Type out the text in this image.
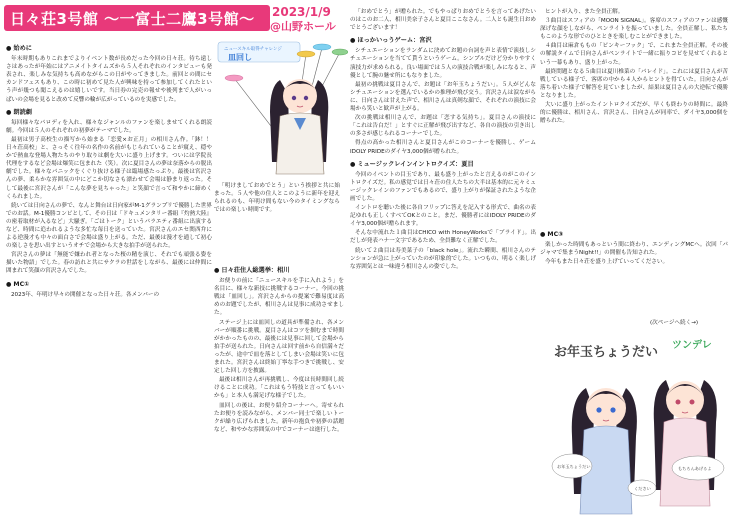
日々荘3号館 ～一富士二鷹3号館～ 2023/1/9
@山野ホール
● 始めに

年末時期もありこれまでよりイベント数が長めだった今回の日々荘。待ち遠しさはあったが年始にはアニメイトタイムズから５人それぞれのインタビューも発表され、楽しみな気持ちも高めながらこの日がやってきました。前回との間にセカンドフェスもあり、この時に初めて見た人が興味を持って参加してくれたという声が幾つも聞こえるのは嬉しいです。当日券の完売の報せや後列まで人がいっぱいの会場を見ると改めて反響の輪が広がっているのを実感でした。

● 朗読劇

毎回様々なパロディを入れ、様々なジャンルのファンを楽しませてくれる朗読劇。今回は５人のそれぞれの初夢がテーマでした。

最初は男子高校生の描写から始まる「恋愛×お正月」の相川さん作。「鉢！！日々荘高校」と、さっそく往年の名作の名前がもじられていることが窺え、穏やかで熱血な登場人物たちのやり取りは劇を大いに盛り上げます。ついには学院長代理をするなど会場は爆笑に包まれた（笑）。次に夏目さんの夢は奈落からの脱出劇でした。様々なパニックをくぐり抜ける様子は臨場感たっぷり。最後は宮沢さんの夢、柔らかな雰囲気の中にどこか切なさも漂わせて会場は静まり返った。そして最後に宮沢さんが「こんな夢を見ちゃった」と笑顔で言って和やかに締めくくられました。

続いては日向さんの夢で、なんと舞台は日向家がM-1グランプリで優勝した世界でのお話。M-1優勝コンビとして、その日は「ドキュメンタリー番組『灼熱大陸』の密着取材が入るなど」大騒ぎ。「ごはトーク」というパラエティ番組に出演するなど、時間に追われるような多忙な毎日を送っていた。宮沢さんのエセ関西弁による逆漫才も中々の面白さで会場は盛り上がる。ただ、最後は漫才を通して初心の楽しさを思い出すというオチで会場から大きな拍手が送られた。

宮沢さんの夢は「無能で嫌われ者となった桜の精を演じ、それでも頑張る姿を描いた物語」でした。春の訪れと共にサクラの世話をしながら、最後には仲間に囲まれて笑顔の宮沢さんでした。

● MC①

2023年、年明け早々の開催となった日々荘。各メンバーの

ニュースキル取得チャレンジ
皿回し

「明けましておめでとう」という挨拶と共に始まった。５人や他の住人とこのように新年を迎えられるのも、年明け間もない今のタイミングならではの楽しい時間です。

● 日々荘住人総選挙：相川

お便りの前に「ニュースキルを手に入れよう」を名目に、様々な新技に挑戦するコーナー。今回の挑戦は「皿回し」。宮沢さんからの提案で難易度は高めのお題でしたが、相川さんは見事に成功させました。

ステージ上には皿回しの道具が準備され、各メンバーが順番に挑戦。夏目さんはコツを掴むまで時間がかかったものの、最後には見事に回して会場から拍手が送られた。日向さんは回す前から自信満々だったが、途中で皿を落としてしまい会場は笑いに包まれた。宮沢さんは終始丁寧な手つきで挑戦し、安定した回し方を披露。

最後は相川さんが再挑戦し、今度は長時間回し続けることに成功。「これはもう特技と言ってもいいかも」と本人も満足げな様子でした。

皿回しの後は、お便り紹介コーナーへ。寄せられたお便りを読みながら、メンバー同士で楽しいトークが繰り広げられました。新年の抱負や初夢の話題など、和やかな雰囲気の中でコーナーは進行した。

「おめでとう」が贈られた。でもやっぱりおめでとうを言ってあげたいのはこのお二人、相川美奈子さんと夏目ここなさん。二人とも誕生日おめでとうございます！

● ほっかいっうゲーム：宮沢

シチュエーションをランダムに決めてお題の台詞を声と表情で演技しシチュエーションを当てて貰うというゲーム。シンプルだけど分かりやすく演技力が求められる。良い場面では５人の演技合戦が楽しみになると、声優として腕の魅せ所にもなりました。

最初の挑戦は夏目さんで、お題は「お年玉ちょうだい」。５人がどんなシチュエーションを選んでいるかの推理が飛び交う。宮沢さんは涙ながらに、日向さんは甘えた声で、相川さんは真剣な顔で、それぞれの演技に会場から笑いと歓声が上がる。

次の挑戦は相川さんで、お題は「恋する気持ち」。夏目さんの演技に「これは告白だ！」とすぐに正解が飛び出すなど、各自の演技の引き出しの多さが感じられるコーナーでした。

得点の高かった相川さんと夏目さんがこのコーナーを優勝し、ゲームIDOLY PRIDEのダイヤ3,000個が贈られた。

● ミュージックレインイントロクイズ：夏目

今回のイベントの目玉であり、最も盛り上がったと言えるのがこのイントロクイズだ。私の感覚では日々荘の住人たちの大半は基本的に元々ミュージックレインのファンでもあるので、盛り上がりが保証されたような企画でした。

イントロを聴いた後に各自フリップに答えを記入する形式で、曲名の表記ゆれも正しくすべてOKとのこと。まだ、優勝者にはIDOLY PRIDEのダイヤ3,000個が贈られます。

そんな中流れた１曲目はCHICO with HoneyWorksで「ブライド」。出だしが発表ハナ一文字であるため、全員難なく正解でした。

続いて２曲目は寿美菜子の「black hole」。流れた瞬間、相川さんのテンションが急に上がっていたのが印象的でした。いつもの、明るく楽しげな雰囲気とは一味違う相川さんの姿でした。

ヒントが入り、また全員正解。

３曲目はスフィアの「MOON SIGNAL」。客席のスフィアのファンは感慨深げな顔をしながら、ペンライトを振っていました。全員正解し、私たちもこのような形でのひとときを楽しむことができました。

４曲目は麻倉ももの「ピンキーフック」で、これまた全員正解。その後の解説タイムで日向さんがペンライトで一緒に振りコピを見せてくれるという一幕もあり、盛り上がった。

最終問題となる５曲目は夏川椎菜の「パレイド」。これには夏目さんが苦戦している様子で、客席の中から４人からヒントを得ていた。日向さんが落ち着いた様子で解答を見ていましたが、結果は夏目さんの大逆転で優勝となりました。

大いに盛り上がったイントロクイズだが、早くも終わりの時間に。最終的に優勝は、相川さん、宮沢さん、日向さんが同率で、ダイヤ3,000個を贈られた。

● MC③

楽しかった時間もあっという間に終わり、エンディングMCへ。次回「パジャマで集まうNight!!」の開催も告知された。

今年もまた日々荘を盛り上げていってください。

(次ページへ続く→)
お年玉ちょうだい ツンデレ
お年玉ちょうだい
ください
もちろんあげるよ
